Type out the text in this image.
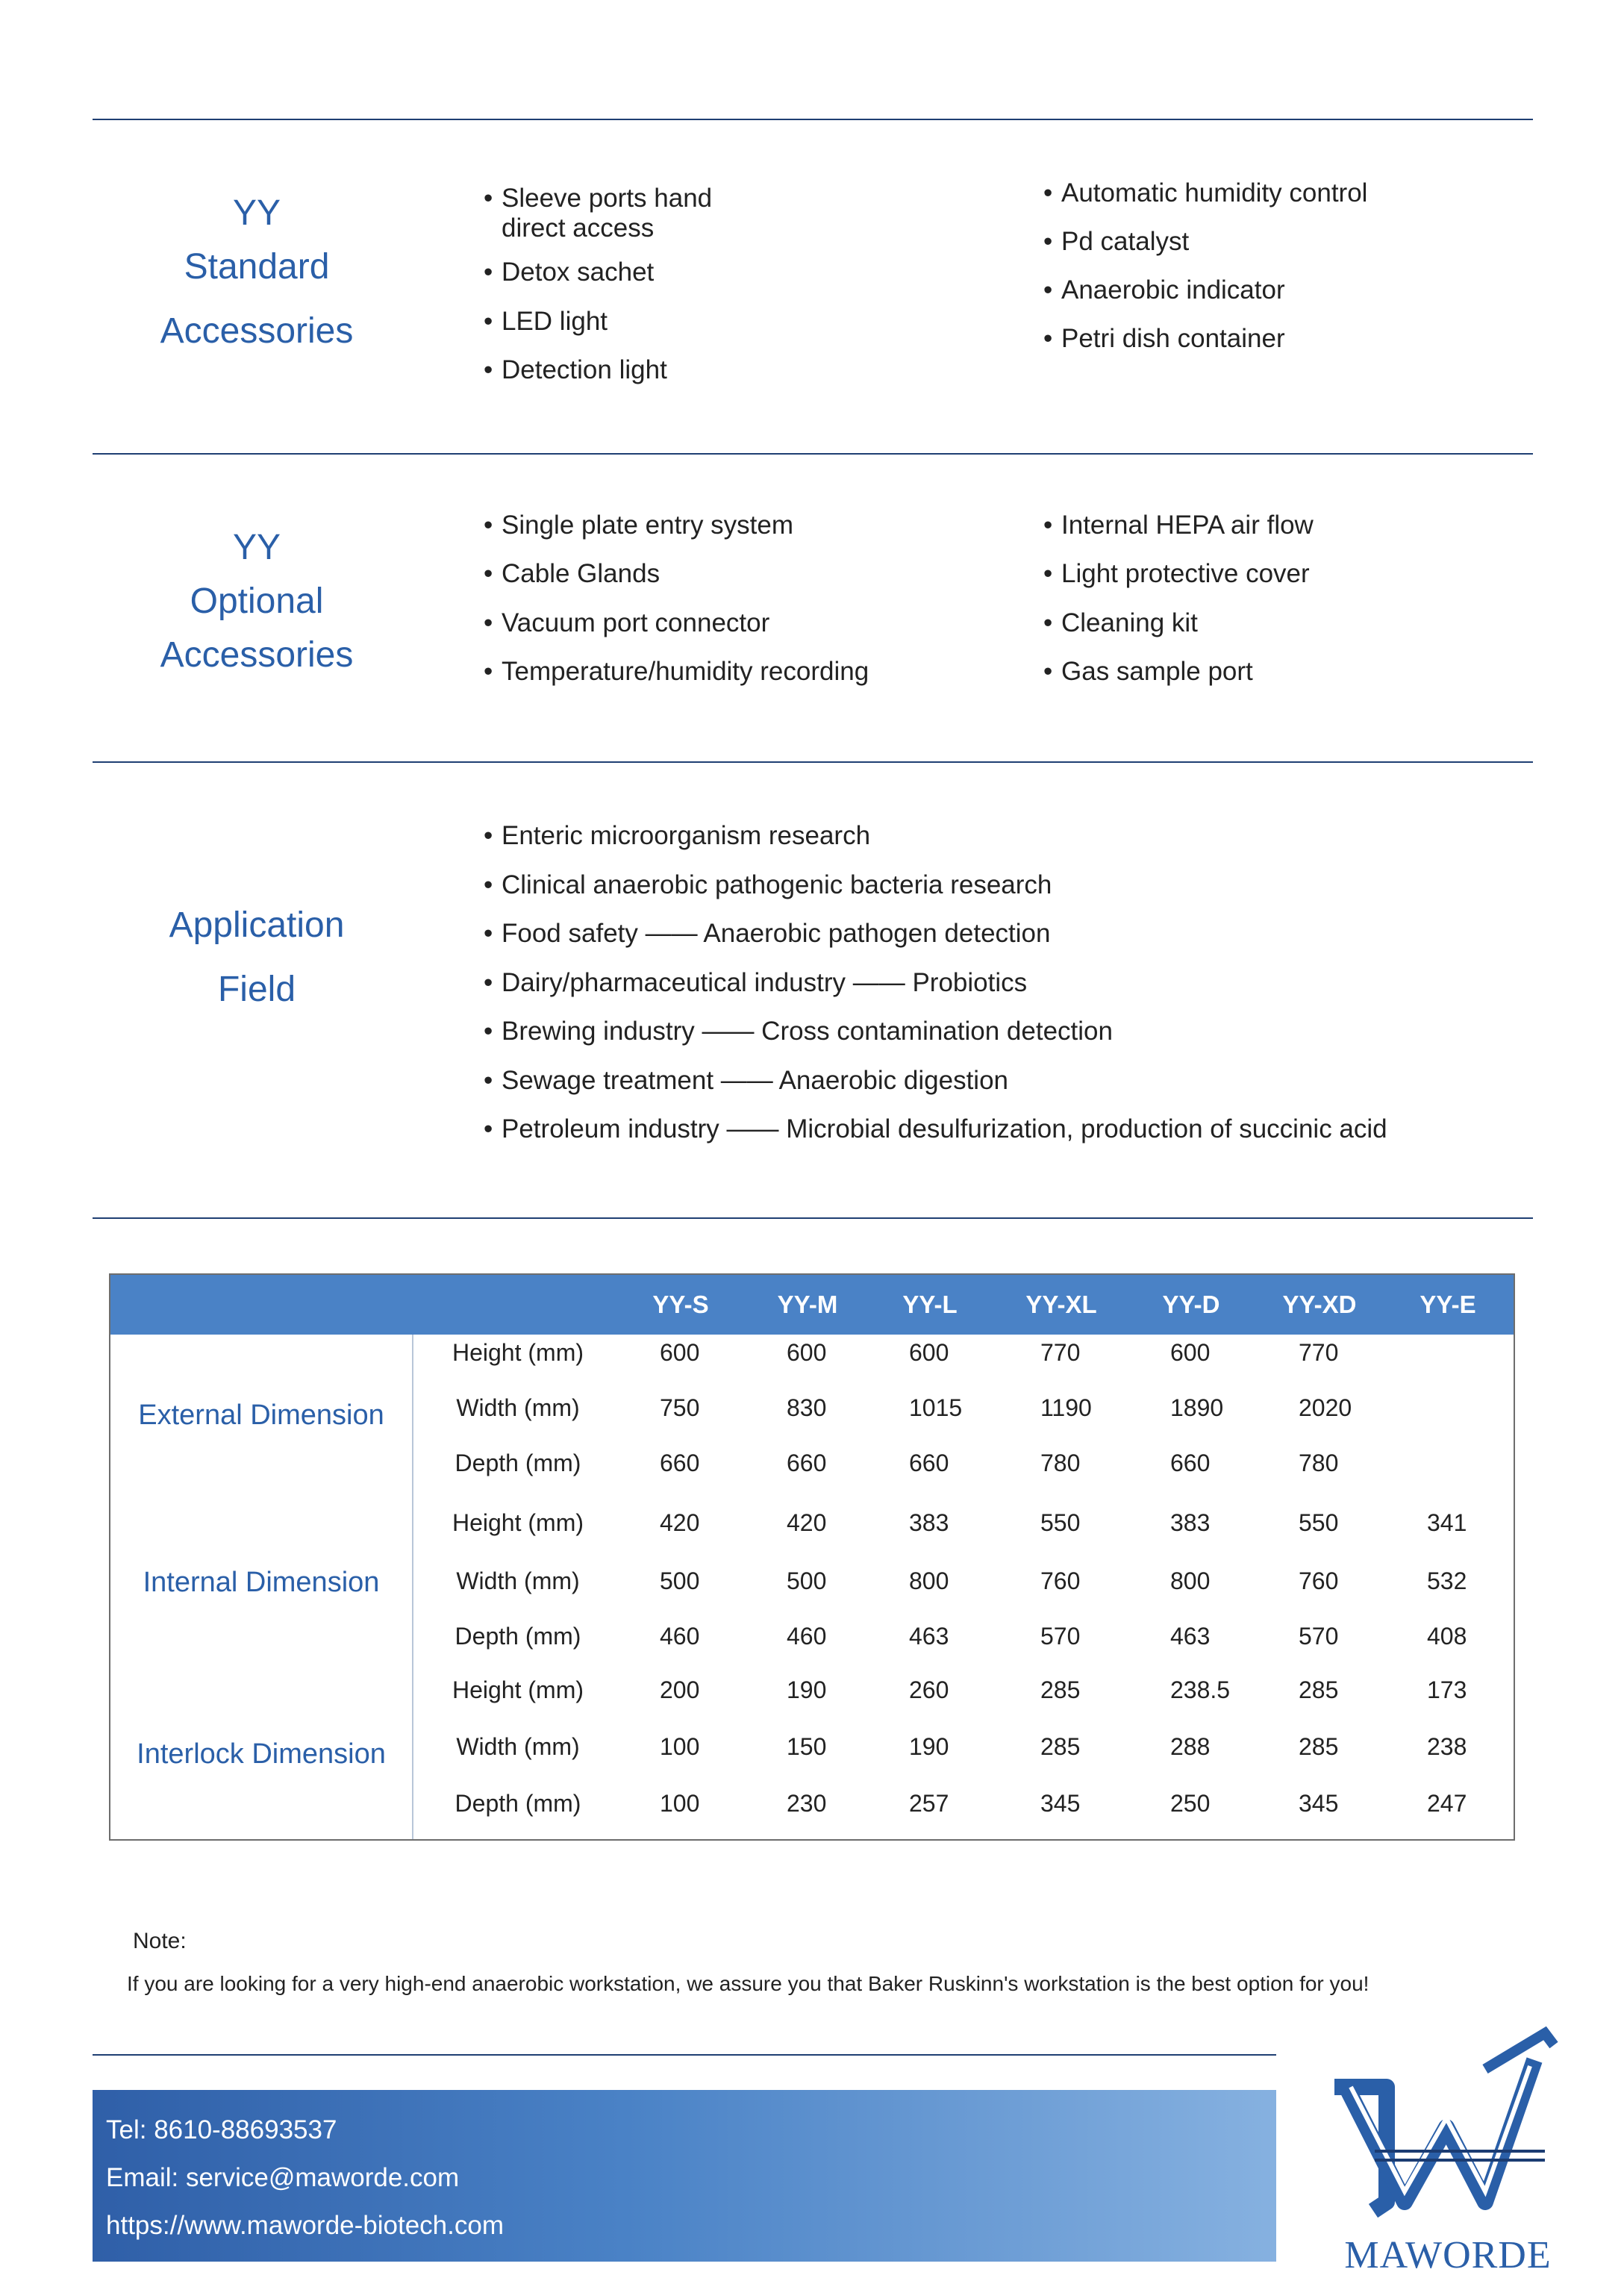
YY
Standard
Accessories
• Sleeve ports hand
direct access
• Detox sachet
• LED light
• Detection light
• Automatic humidity control
• Pd catalyst
• Anaerobic indicator
• Petri dish container
YY
Optional
Accessories
• Single plate entry system
• Cable Glands
• Vacuum port connector
• Temperature/humidity recording
• Internal HEPA air flow
• Light protective cover
• Cleaning kit
• Gas sample port
Application
Field
• Enteric microorganism research
• Clinical anaerobic pathogenic bacteria research
• Food safety —— Anaerobic pathogen detection
• Dairy/pharmaceutical industry —— Probiotics
• Brewing industry —— Cross contamination detection
• Sewage treatment —— Anaerobic digestion
• Petroleum industry —— Microbial desulfurization, production of succinic acid
YY-S	YY-M	YY-L	YY-XL	YY-D	YY-XD	YY-E
External Dimension
Internal Dimension
Interlock Dimension
Height (mm)	600	600	600	770	600	770
Width (mm)	750	830	1015	1190	1890	2020
Depth (mm)	660	660	660	780	660	780
Height (mm)	420	420	383	550	383	550	341
Width (mm)	500	500	800	760	800	760	532
Depth (mm)	460	460	463	570	463	570	408
Height (mm)	200	190	260	285	238.5	285	173
Width (mm)	100	150	190	285	288	285	238
Depth (mm)	100	230	257	345	250	345	247
Note:
If you are looking for a very high-end anaerobic workstation, we assure you that Baker Ruskinn's workstation is the best option for you!
Tel: 8610-88693537
Email: service@maworde.com
https://www.maworde-biotech.com
MAWORDE
